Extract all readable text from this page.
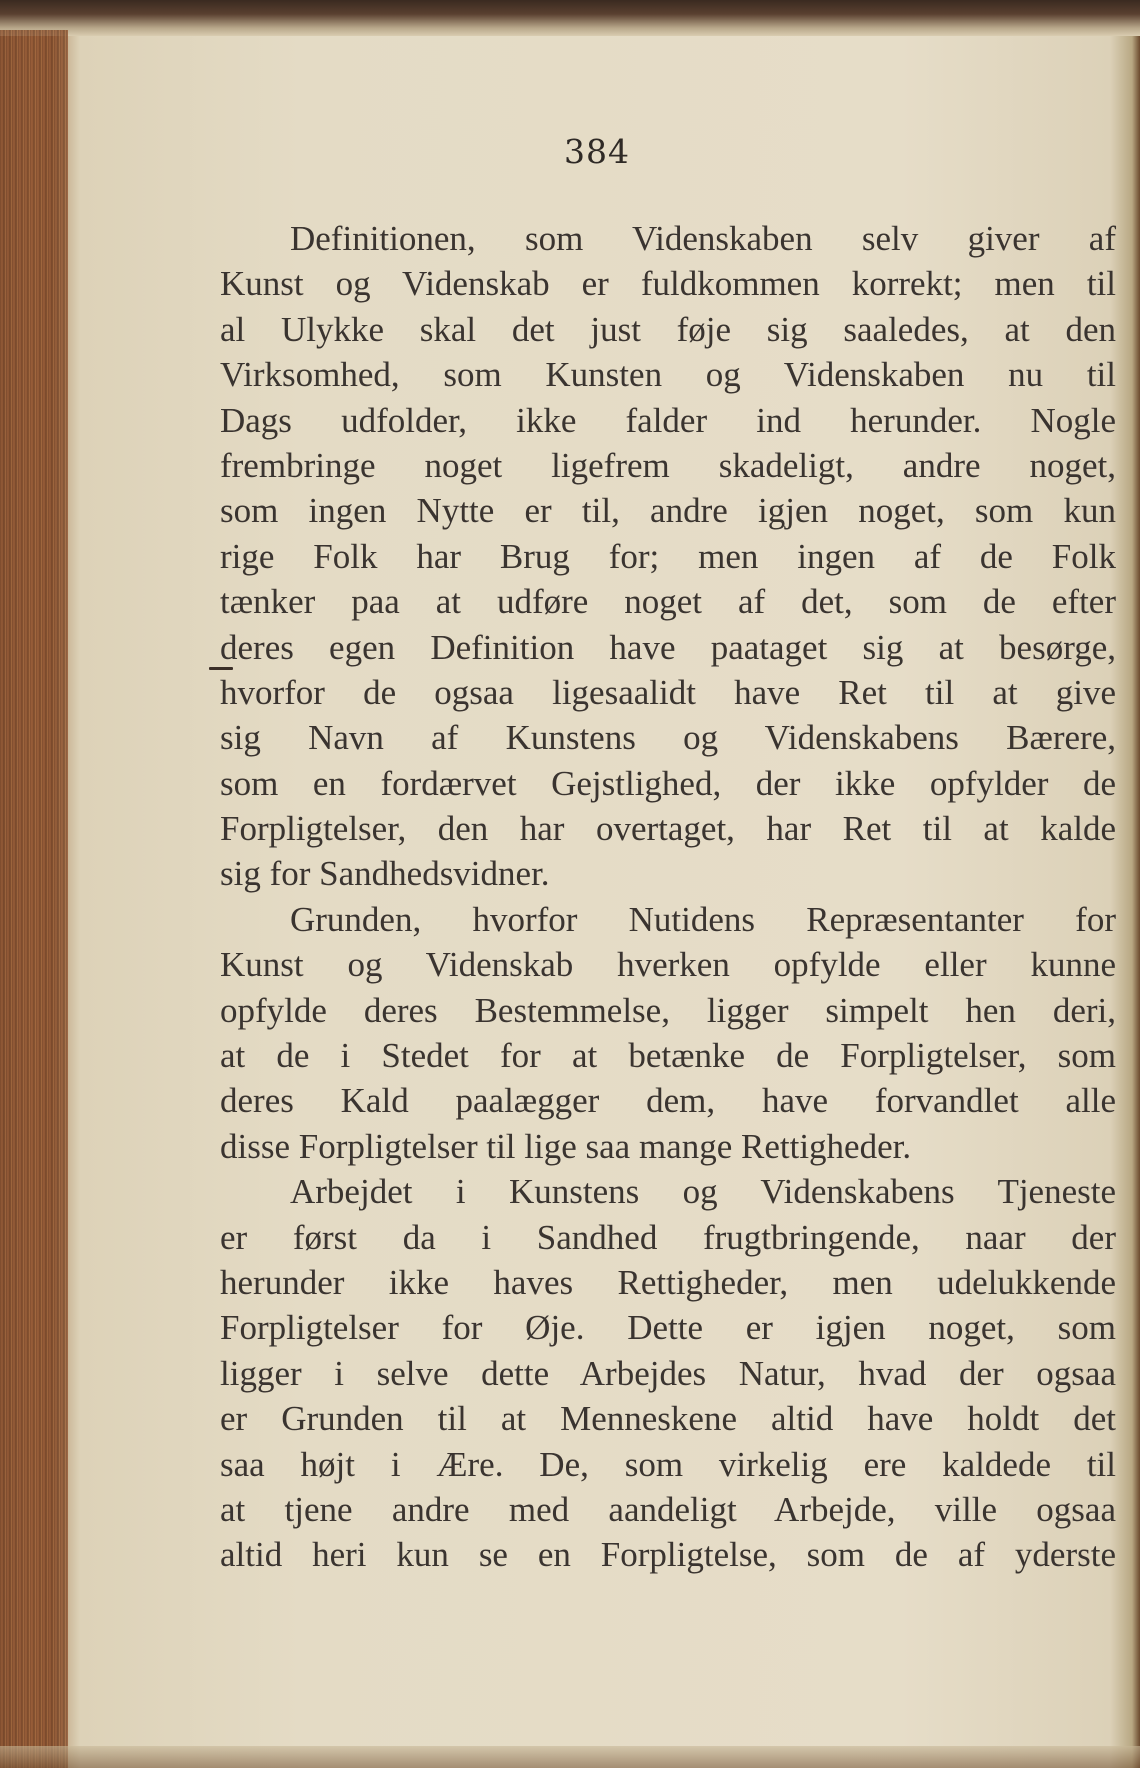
384
Definitionen, som Videnskaben selv giver af
Kunst og Videnskab er fuldkommen korrekt; men til
al Ulykke skal det just føje sig saaledes, at den
Virksomhed, som Kunsten og Videnskaben nu til
Dags udfolder, ikke falder ind herunder. Nogle
frembringe noget ligefrem skadeligt, andre noget,
som ingen Nytte er til, andre igjen noget, som kun
rige Folk har Brug for; men ingen af de Folk
tænker paa at udføre noget af det, som de efter
deres egen Definition have paataget sig at besørge,
hvorfor de ogsaa ligesaalidt have Ret til at give
sig Navn af Kunstens og Videnskabens Bærere,
som en fordærvet Gejstlighed, der ikke opfylder de
Forpligtelser, den har overtaget, har Ret til at kalde
sig for Sandhedsvidner.
Grunden, hvorfor Nutidens Repræsentanter for
Kunst og Videnskab hverken opfylde eller kunne
opfylde deres Bestemmelse, ligger simpelt hen deri,
at de i Stedet for at betænke de Forpligtelser, som
deres Kald paalægger dem, have forvandlet alle
disse Forpligtelser til lige saa mange Rettigheder.
Arbejdet i Kunstens og Videnskabens Tjeneste
er først da i Sandhed frugtbringende, naar der
herunder ikke haves Rettigheder, men udelukkende
Forpligtelser for Øje. Dette er igjen noget, som
ligger i selve dette Arbejdes Natur, hvad der ogsaa
er Grunden til at Menneskene altid have holdt det
saa højt i Ære. De, som virkelig ere kaldede til
at tjene andre med aandeligt Arbejde, ville ogsaa
altid heri kun se en Forpligtelse, som de af yderste
